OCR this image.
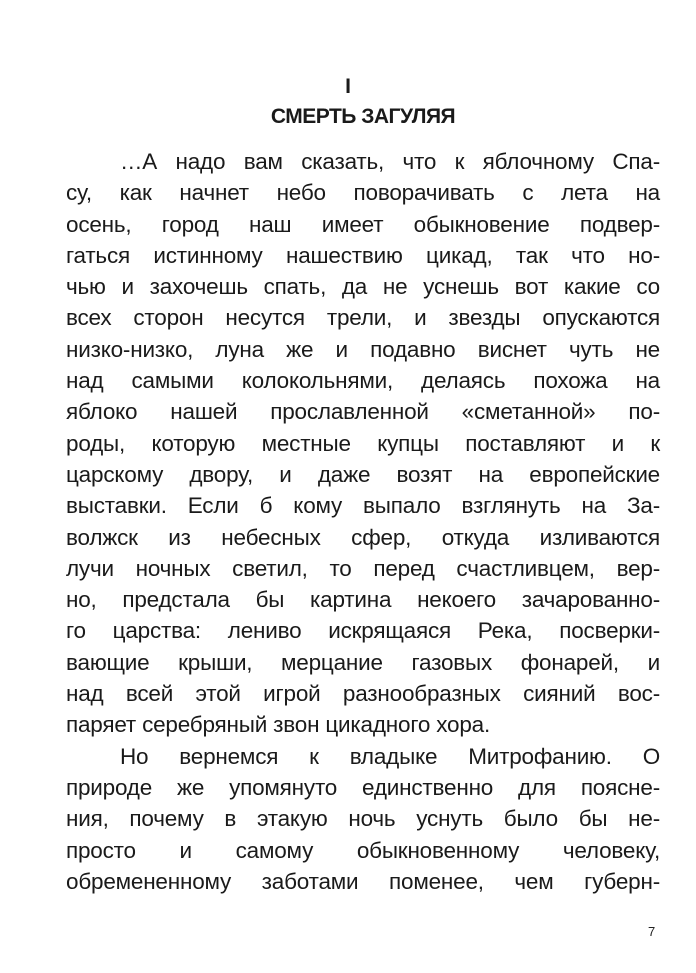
I
СМЕРТЬ ЗАГУЛЯЯ
…А надо вам сказать, что к яблочному Спа-
су, как начнет небо поворачивать с лета на
осень, город наш имеет обыкновение подвер-
гаться истинному нашествию цикад, так что но-
чью и захочешь спать, да не уснешь вот какие со
всех сторон несутся трели, и звезды опускаются
низко-низко, луна же и подавно виснет чуть не
над самыми колокольнями, делаясь похожа на
яблоко нашей прославленной «сметанной» по-
роды, которую местные купцы поставляют и к
царскому двору, и даже возят на европейские
выставки. Если б кому выпало взглянуть на За-
волжск из небесных сфер, откуда изливаются
лучи ночных светил, то перед счастливцем, вер-
но, предстала бы картина некоего зачарованно-
го царства: лениво искрящаяся Река, посверки-
вающие крыши, мерцание газовых фонарей, и
над всей этой игрой разнообразных сияний вос-
паряет серебряный звон цикадного хора.
Но вернемся к владыке Митрофанию. О
природе же упомянуто единственно для поясне-
ния, почему в этакую ночь уснуть было бы не-
просто и самому обыкновенному человеку,
обремененному заботами поменее, чем губерн-
7
